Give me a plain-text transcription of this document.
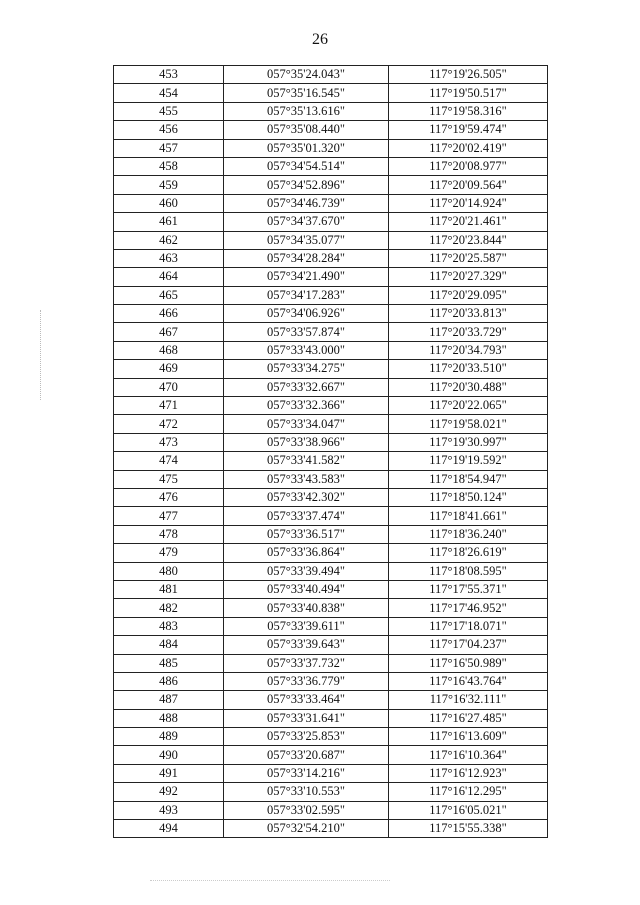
26
453	057°35'24.043"	117°19'26.505"
454	057°35'16.545"	117°19'50.517"
455	057°35'13.616"	117°19'58.316"
456	057°35'08.440"	117°19'59.474"
457	057°35'01.320"	117°20'02.419"
458	057°34'54.514"	117°20'08.977"
459	057°34'52.896"	117°20'09.564"
460	057°34'46.739"	117°20'14.924"
461	057°34'37.670"	117°20'21.461"
462	057°34'35.077"	117°20'23.844"
463	057°34'28.284"	117°20'25.587"
464	057°34'21.490"	117°20'27.329"
465	057°34'17.283"	117°20'29.095"
466	057°34'06.926"	117°20'33.813"
467	057°33'57.874"	117°20'33.729"
468	057°33'43.000"	117°20'34.793"
469	057°33'34.275"	117°20'33.510"
470	057°33'32.667"	117°20'30.488"
471	057°33'32.366"	117°20'22.065"
472	057°33'34.047"	117°19'58.021"
473	057°33'38.966"	117°19'30.997"
474	057°33'41.582"	117°19'19.592"
475	057°33'43.583"	117°18'54.947"
476	057°33'42.302"	117°18'50.124"
477	057°33'37.474"	117°18'41.661"
478	057°33'36.517"	117°18'36.240"
479	057°33'36.864"	117°18'26.619"
480	057°33'39.494"	117°18'08.595"
481	057°33'40.494"	117°17'55.371"
482	057°33'40.838"	117°17'46.952"
483	057°33'39.611"	117°17'18.071"
484	057°33'39.643"	117°17'04.237"
485	057°33'37.732"	117°16'50.989"
486	057°33'36.779"	117°16'43.764"
487	057°33'33.464"	117°16'32.111"
488	057°33'31.641"	117°16'27.485"
489	057°33'25.853"	117°16'13.609"
490	057°33'20.687"	117°16'10.364"
491	057°33'14.216"	117°16'12.923"
492	057°33'10.553"	117°16'12.295"
493	057°33'02.595"	117°16'05.021"
494	057°32'54.210"	117°15'55.338"
